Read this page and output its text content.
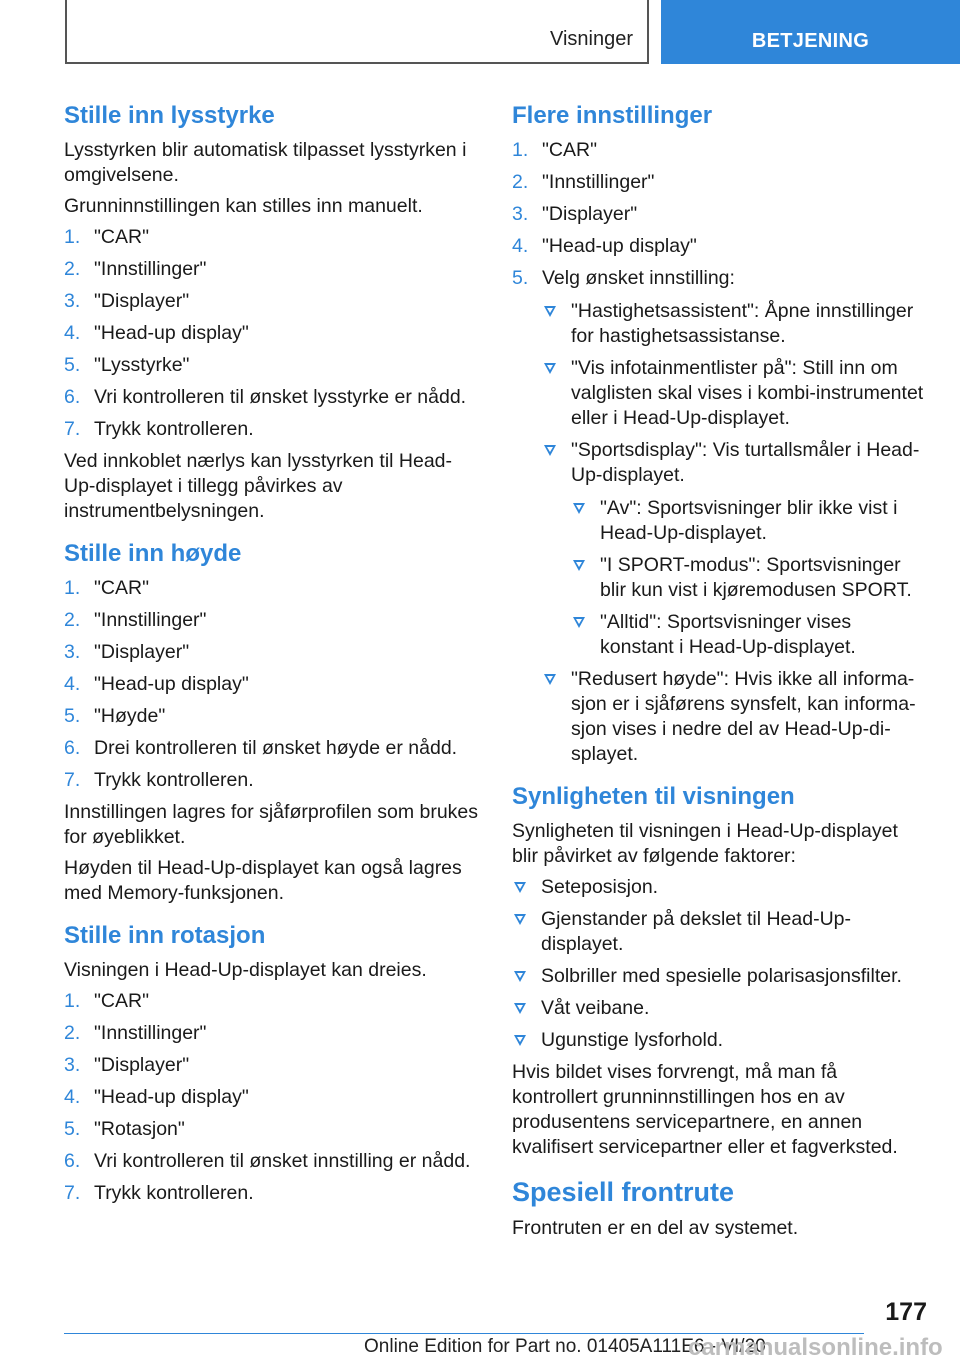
Visninger	BETJENING
Stille inn lysstyrke

Lysstyrken blir automatisk tilpasset lysstyrken i omgivelsene.

Grunninnstillingen kan stilles inn manuelt.

1. "CAR"
2. "Innstillinger"
3. "Displayer"
4. "Head-up display"
5. "Lysstyrke"
6. Vri kontrolleren til ønsket lysstyrke er nådd.
7. Trykk kontrolleren.

Ved innkoblet nærlys kan lysstyrken til Head-Up-displayet i tillegg påvirkes av instrumentbelysningen.

Stille inn høyde
1. "CAR"
2. "Innstillinger"
3. "Displayer"
4. "Head-up display"
5. "Høyde"
6. Drei kontrolleren til ønsket høyde er nådd.
7. Trykk kontrolleren.

Innstillingen lagres for sjåførprofilen som brukes for øyeblikket.

Høyden til Head-Up-displayet kan også lagres med Memory-funksjonen.

Stille inn rotasjon

Visningen i Head-Up-displayet kan dreies.

1. "CAR"
2. "Innstillinger"
3. "Displayer"
4. "Head-up display"
5. "Rotasjon"
6. Vri kontrolleren til ønsket innstilling er nådd.
7. Trykk kontrolleren.
Flere innstillinger
1. "CAR"
2. "Innstillinger"
3. "Displayer"
4. "Head-up display"
5. Velg ønsket innstilling:
"Hastighetsassistent": Åpne innstillinger for hastighetsassistanse.
"Vis infotainmentlister på": Still inn om valglisten skal vises i kombi-instrumentet eller i Head-Up-displayet.
"Sportsdisplay": Vis turtallsmåler i Head-Up-displayet.
"Av": Sportsvisninger blir ikke vist i Head-Up-displayet.
"I SPORT-modus": Sportsvisninger blir kun vist i kjøremodusen SPORT.
"Alltid": Sportsvisninger vises konstant i Head-Up-displayet.
"Redusert høyde": Hvis ikke all informasjon er i sjåførens synsfelt, kan informasjon vises i nedre del av Head-Up-displayet.
Synligheten til visningen

Synligheten til visningen i Head-Up-displayet blir påvirket av følgende faktorer:

Seteposisjon.
Gjenstander på dekslet til Head-Up-displayet.
Solbriller med spesielle polarisasjonsfilter.
Våt veibane.
Ugunstige lysforhold.

Hvis bildet vises forvrengt, må man få kontrollert grunninnstillingen hos en av produsentens servicepartnere, en annen kvalifisert servicepartner eller et fagverksted.

Spesiell frontrute

Frontruten er en del av systemet.

177
Online Edition for Part no. 01405A111E6 - VI/20
carmanualsonline.info
